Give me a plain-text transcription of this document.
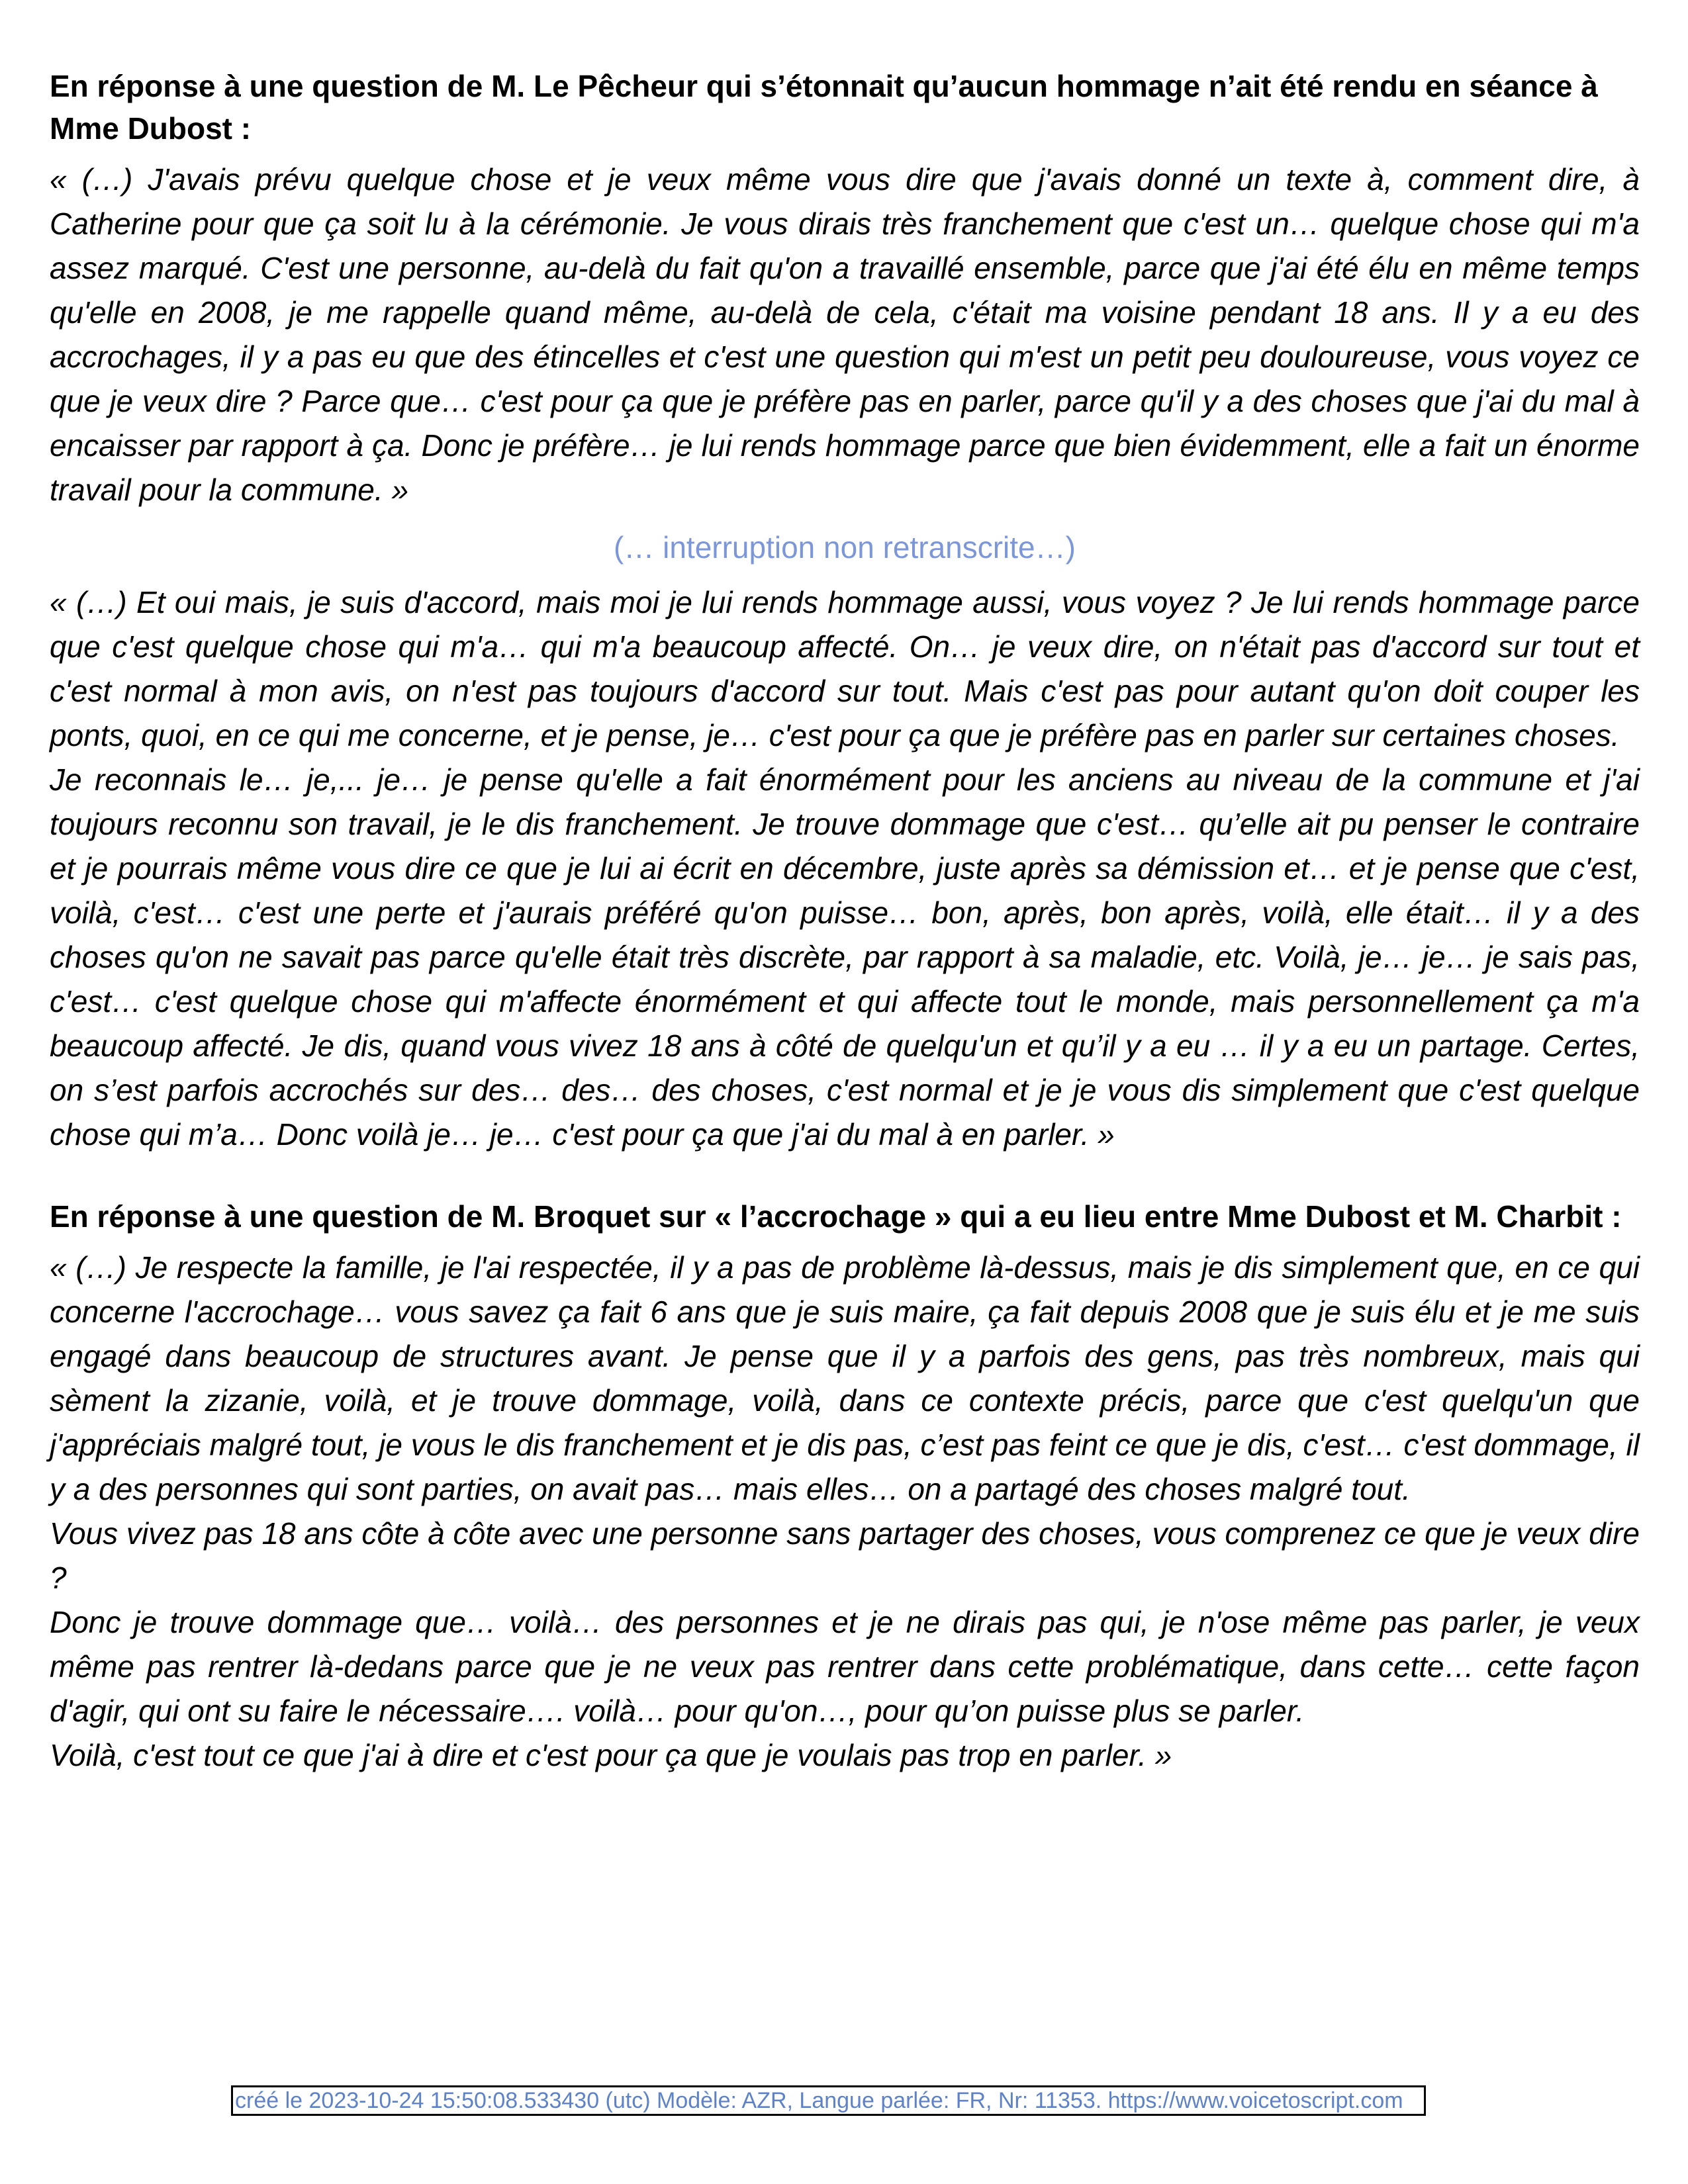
En réponse à une question de M. Le Pêcheur qui s’étonnait qu’aucun hommage n’ait été rendu en séance à Mme Dubost :

« (…) J'avais prévu quelque chose et je veux même vous dire que j'avais donné un texte à, comment dire, à Catherine pour que ça soit lu à la cérémonie. Je vous dirais très franchement que c'est un… quelque chose qui m'a assez marqué. C'est une personne, au-delà du fait qu'on a travaillé ensemble, parce que j'ai été élu en même temps qu'elle en 2008, je me rappelle quand même, au-delà de cela, c'était ma voisine pendant 18 ans. Il y a eu des accrochages, il y a pas eu que des étincelles et c'est une question qui m'est un petit peu douloureuse, vous voyez ce que je veux dire ? Parce que… c'est pour ça que je préfère pas en parler, parce qu'il y a des choses que j'ai du mal à encaisser par rapport à ça. Donc je préfère… je lui rends hommage parce que bien évidemment, elle a fait un énorme travail pour la commune. »

(… interruption non retranscrite…)

« (…) Et oui mais, je suis d'accord, mais moi je lui rends hommage aussi, vous voyez ? Je lui rends hommage parce que c'est quelque chose qui m'a… qui m'a beaucoup affecté. On… je veux dire, on n'était pas d'accord sur tout et c'est normal à mon avis, on n'est pas toujours d'accord sur tout. Mais c'est pas pour autant qu'on doit couper les ponts, quoi, en ce qui me concerne, et je pense, je… c'est pour ça que je préfère pas en parler sur certaines choses.

Je reconnais le… je,... je… je pense qu'elle a fait énormément pour les anciens au niveau de la commune et j'ai toujours reconnu son travail, je le dis franchement. Je trouve dommage que c'est… qu’elle ait pu penser le contraire et je pourrais même vous dire ce que je lui ai écrit en décembre, juste après sa démission et… et je pense que c'est, voilà, c'est… c'est une perte et j'aurais préféré qu'on puisse… bon, après, bon après, voilà, elle était… il y a des choses qu'on ne savait pas parce qu'elle était très discrète, par rapport à sa maladie, etc. Voilà, je… je… je sais pas, c'est… c'est quelque chose qui m'affecte énormément et qui affecte tout le monde, mais personnellement ça m'a beaucoup affecté. Je dis, quand vous vivez 18 ans à côté de quelqu'un et qu’il y a eu … il y a eu un partage. Certes, on s’est parfois accrochés sur des… des… des choses, c'est normal et je je vous dis simplement que c'est quelque chose qui m’a… Donc voilà je… je… c'est pour ça que j'ai du mal à en parler. »

En réponse à une question de M. Broquet sur « l’accrochage » qui a eu lieu entre Mme Dubost et M. Charbit :

« (…) Je respecte la famille, je l'ai respectée, il y a pas de problème là-dessus, mais je dis simplement que, en ce qui concerne l'accrochage… vous savez ça fait 6 ans que je suis maire, ça fait depuis 2008 que je suis élu et je me suis engagé dans beaucoup de structures avant. Je pense que il y a parfois des gens, pas très nombreux, mais qui sèment la zizanie, voilà, et je trouve dommage, voilà, dans ce contexte précis, parce que c'est quelqu'un que j'appréciais malgré tout, je vous le dis franchement et je dis pas, c’est pas feint ce que je dis, c'est… c'est dommage, il y a des personnes qui sont parties, on avait pas… mais elles… on a partagé des choses malgré tout.

Vous vivez pas 18 ans côte à côte avec une personne sans partager des choses, vous comprenez ce que je veux dire ?

Donc je trouve dommage que… voilà… des personnes et je ne dirais pas qui, je n'ose même pas parler, je veux même pas rentrer là-dedans parce que je ne veux pas rentrer dans cette problématique, dans cette… cette façon d'agir, qui ont su faire le nécessaire…. voilà… pour qu'on…, pour qu’on puisse plus se parler.

Voilà, c'est tout ce que j'ai à dire et c'est pour ça que je voulais pas trop en parler. »

créé le 2023-10-24 15:50:08.533430 (utc) Modèle: AZR, Langue parlée: FR, Nr: 11353. https://www.voicetoscript.com
